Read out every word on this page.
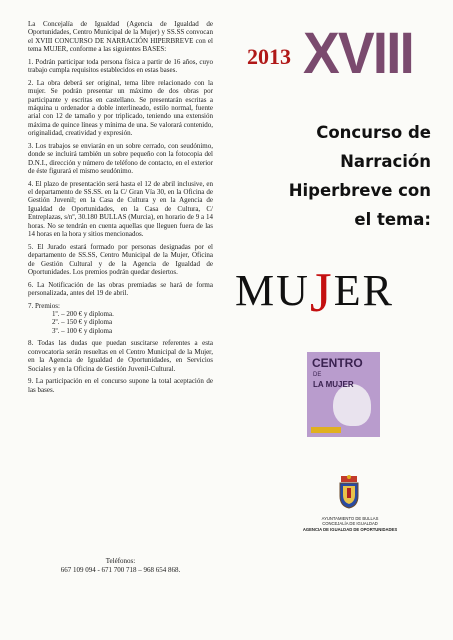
La Concejalía de Igualdad (Agencia de Igualdad de Oportunidades, Centro Municipal de la Mujer) y SS.SS convocan el XVIII CONCURSO DE NARRACIÓN HIPERBREVE con el tema MUJER, conforme a las siguientes BASES:

1. Podrán participar toda persona física a partir de 16 años, cuyo trabajo cumpla requisitos establecidos en estas bases.

2. La obra deberá ser original, tema libre relacionado con la mujer. Se podrán presentar un máximo de dos obras por participante y escritas en castellano. Se presentarán escritas a máquina u ordenador a doble interlineado, estilo normal, fuente arial con 12 de tamaño y por triplicado, teniendo una extensión máxima de quince líneas y mínima de una. Se valorará contenido, originalidad, creatividad y expresión.

3. Los trabajos se enviarán en un sobre cerrado, con seudónimo, donde se incluirá también un sobre pequeño con la fotocopia del D.N.I., dirección y número de teléfono de contacto, en el exterior de éste figurará el mismo seudónimo.

4. El plazo de presentación será hasta el 12 de abril inclusive, en el departamento de SS.SS. en la C/ Gran Vía 30, en la Oficina de Gestión Juvenil; en la Casa de Cultura y en la Agencia de Igualdad de Oportunidades, en la Casa de Cultura, C/ Entreplazas, s/nº, 30.180 BULLAS (Murcia), en horario de 9 a 14 horas. No se tendrán en cuenta aquellas que lleguen fuera de las 14 horas en la hora y sitios mencionados.

5. El Jurado estará formado por personas designadas por el departamento de SS.SS, Centro Municipal de la Mujer, Oficina de Gestión Cultural y de la Agencia de Igualdad de Oportunidades. Los premios podrán quedar desiertos.

6. La Notificación de las obras premiadas se hará de forma personalizada, antes del 19 de abril.

7. Premios:

1º. – 200 € y diploma.

2º. – 150 € y diploma

3º. – 100 € y diploma

8. Todas las dudas que puedan suscitarse referentes a esta convocatoria serán resueltas en el Centro Municipal de la Mujer, en la Agencia de Igualdad de Oportunidades, en Servicios Sociales y en la Oficina de Gestión Juvenil-Cultural.

9. La participación en el concurso supone la total aceptación de las bases.

Teléfonos:
667 109 094 - 671 700 718 – 968 654 868.
2013 XVIII
Concurso de
Narración
Hiperbreve con
el tema:
MUJER
CENTRO
DE
LA MUJER
AYUNTAMIENTO DE BULLAS
CONCEJALÍA DE IGUALDAD
AGENCIA DE IGUALDAD DE OPORTUNIDADES
